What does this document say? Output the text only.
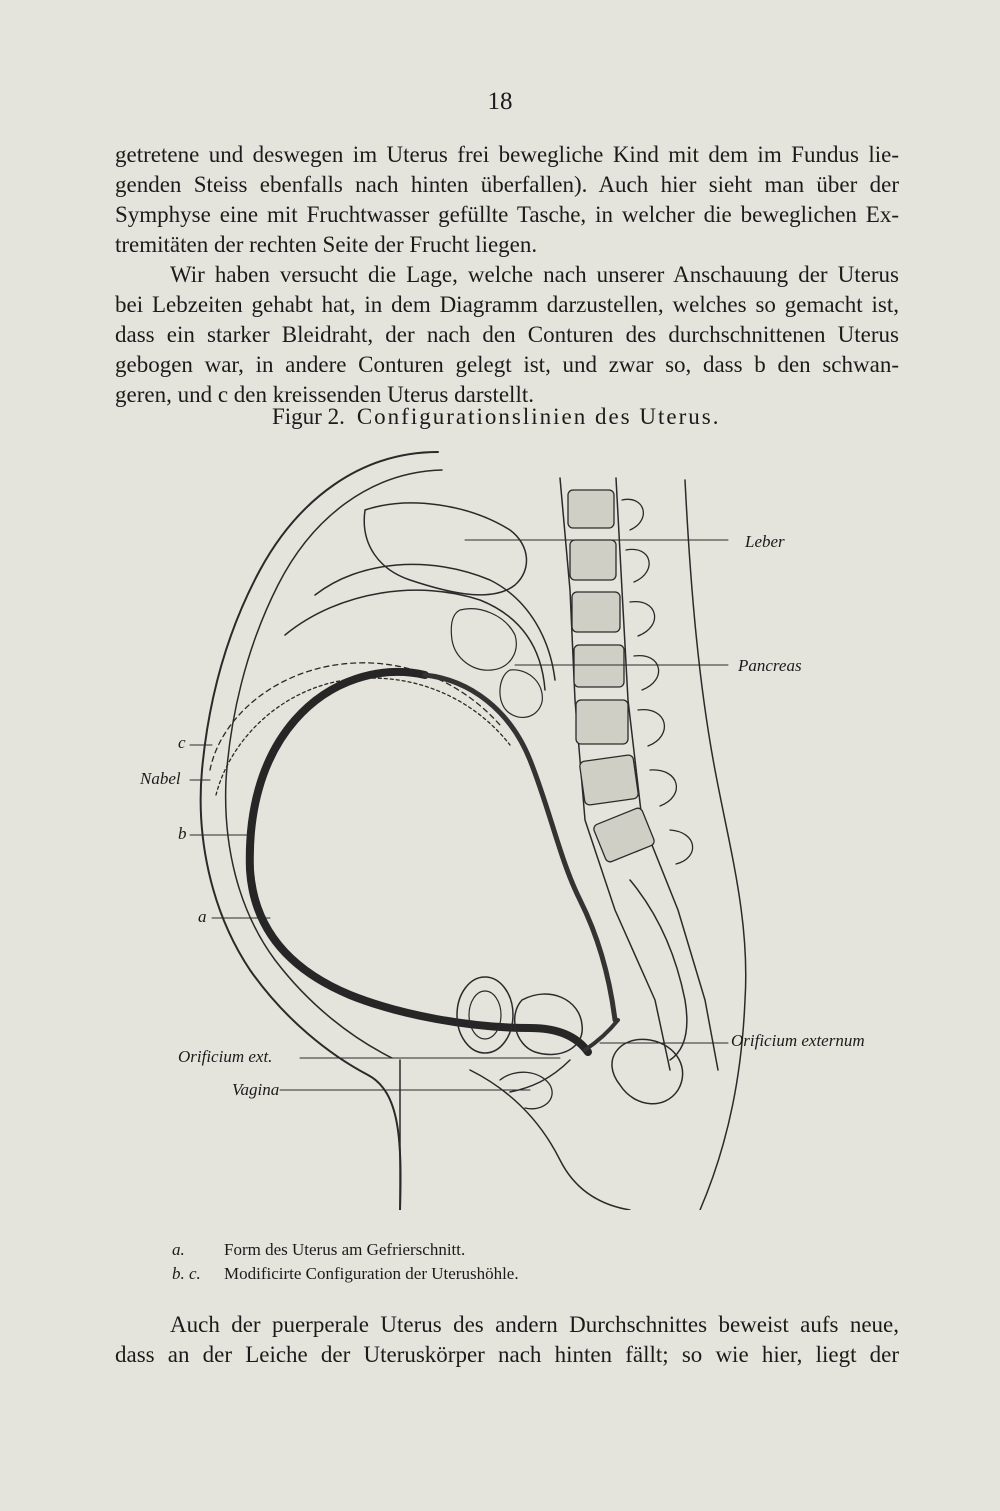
18
getretene und deswegen im Uterus frei bewegliche Kind mit dem im Fundus lie-
genden Steiss ebenfalls nach hinten überfallen). Auch hier sieht man über der
Symphyse eine mit Fruchtwasser gefüllte Tasche, in welcher die beweglichen Ex-
tremitäten der rechten Seite der Frucht liegen.
Wir haben versucht die Lage, welche nach unserer Anschauung der Uterus
bei Lebzeiten gehabt hat, in dem Diagramm darzustellen, welches so gemacht ist,
dass ein starker Bleidraht, der nach den Conturen des durchschnittenen Uterus
gebogen war, in andere Conturen gelegt ist, und zwar so, dass b den schwan-
geren, und c den kreissenden Uterus darstellt.
Figur 2. Configurationslinien des Uterus.
Leber
Pancreas
c
Nabel
b
a
Orificium externum
Orificium ext.
Vagina
a. Form des Uterus am Gefrierschnitt.
b. c. Modificirte Configuration der Uterushöhle.
Auch der puerperale Uterus des andern Durchschnittes beweist aufs neue,
dass an der Leiche der Uteruskörper nach hinten fällt; so wie hier, liegt der
